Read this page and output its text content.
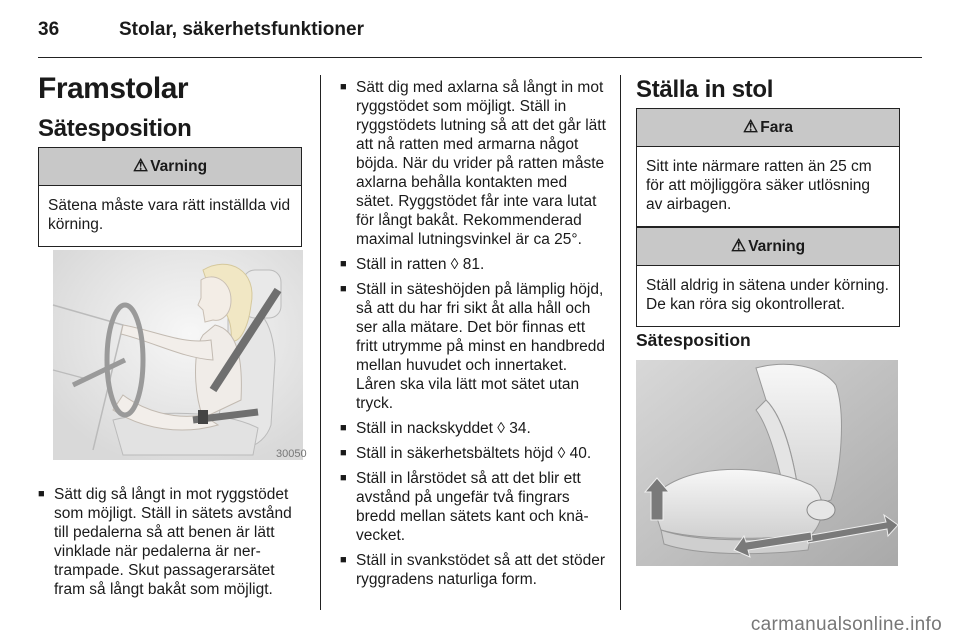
36	Stolar, säkerhetsfunktioner
Framstolar
Sätesposition
⚠ Varning
Sätena måste vara rätt inställda vid körning.
30050
■ Sätt dig så långt in mot ryggstödet som möjligt. Ställ in sätets avstånd till pedalerna så att benen är lätt vinklade när pedalerna är nertrampade. Skut passagerarsätet fram så långt bakåt som möjligt.
■ Sätt dig med axlarna så långt in mot ryggstödet som möjligt. Ställ in ryggstödets lutning så att det går lätt att nå ratten med armarna något böjda. När du vrider på ratten måste axlarna behålla kontakten med sätet. Ryggstödet får inte vara lutat för långt bakåt. Rekommenderad maximal lutningsvinkel är ca 25°.
■ Ställ in ratten ◊ 81.
■ Ställ in säteshöjden på lämplig höjd, så att du har fri sikt åt alla håll och ser alla mätare. Det bör finnas ett fritt utrymme på minst en handbredd mellan huvudet och innertaket. Låren ska vila lätt mot sätet utan tryck.
■ Ställ in nackskyddet ◊ 34.
■ Ställ in säkerhetsbältets höjd ◊ 40.
■ Ställ in lårstödet så att det blir ett avstånd på ungefär två fingrars bredd mellan sätets kant och knävecket.
■ Ställ in svankstödet så att det stöder ryggradens naturliga form.
Ställa in stol
⚠ Fara
Sitt inte närmare ratten än 25 cm för att möjliggöra säker utlösning av airbagen.
⚠ Varning
Ställ aldrig in sätena under körning. De kan röra sig okontrollerat.
Sätesposition
carmanualsonline.info
